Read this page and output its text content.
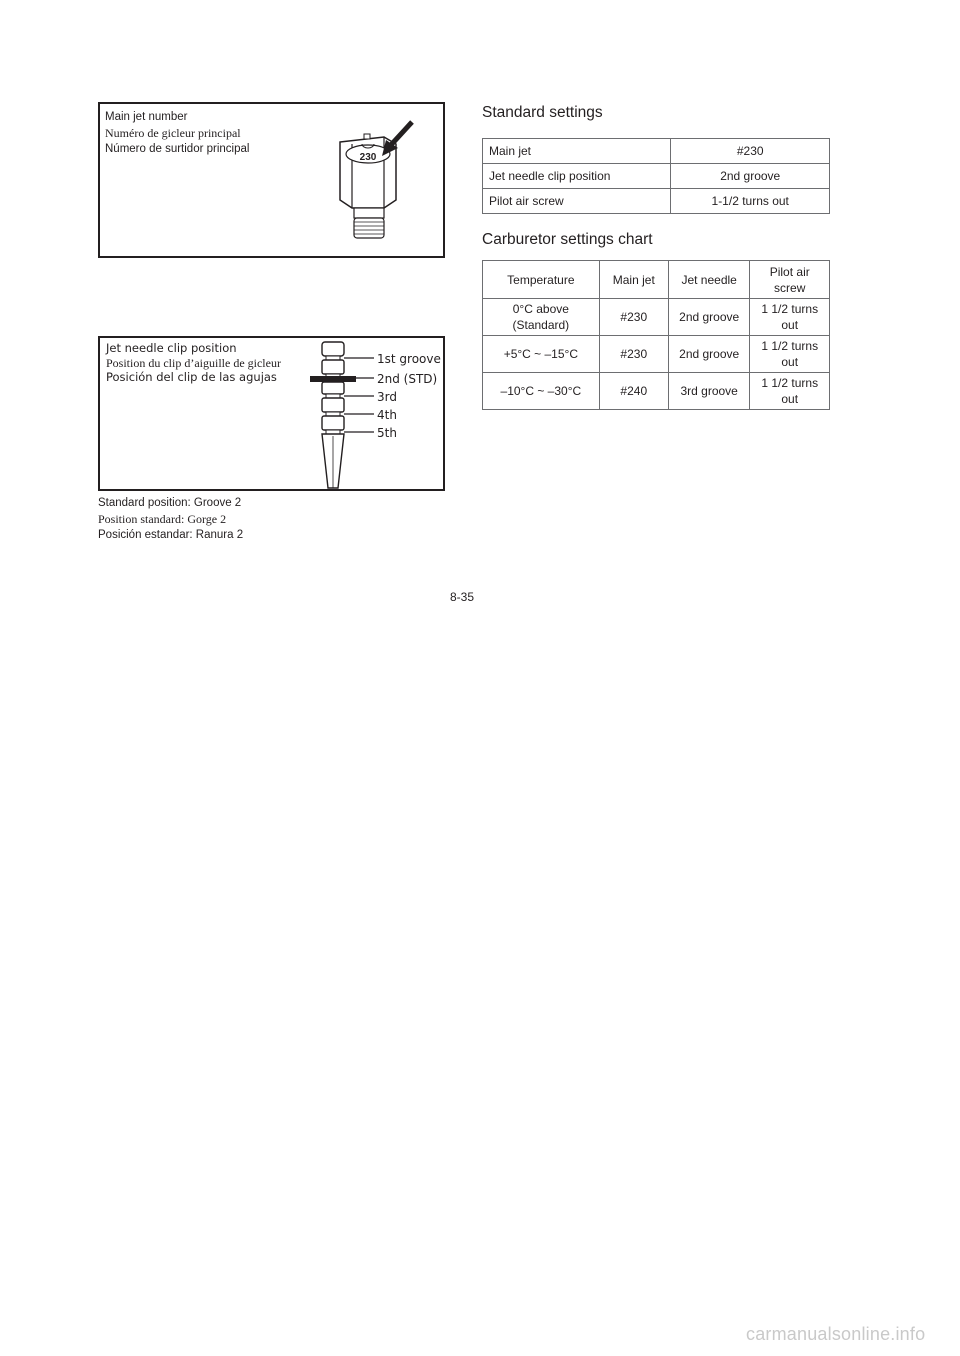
Main jet number
Numéro de gicleur principal
Número de surtidor principal
230
Jet needle clip position
Position du clip d’aiguille de gicleur
Posición del clip de las agujas
1st groove
2nd (STD)
3rd
4th
5th
Standard position: Groove 2
Position standard: Gorge 2
Posición estandar: Ranura 2
Standard settings
Main jet	#230
Jet needle clip position	2nd groove
Pilot air screw	1-1/2 turns out
Carburetor settings chart
Temperature	Main jet	Jet needle	Pilot air screw
0°C above (Standard)	#230	2nd groove	1 1/2 turns out
+5°C ~ –15°C	#230	2nd groove	1 1/2 turns out
–10°C ~ –30°C	#240	3rd groove	1 1/2 turns out
8-35
carmanualsonline.info
